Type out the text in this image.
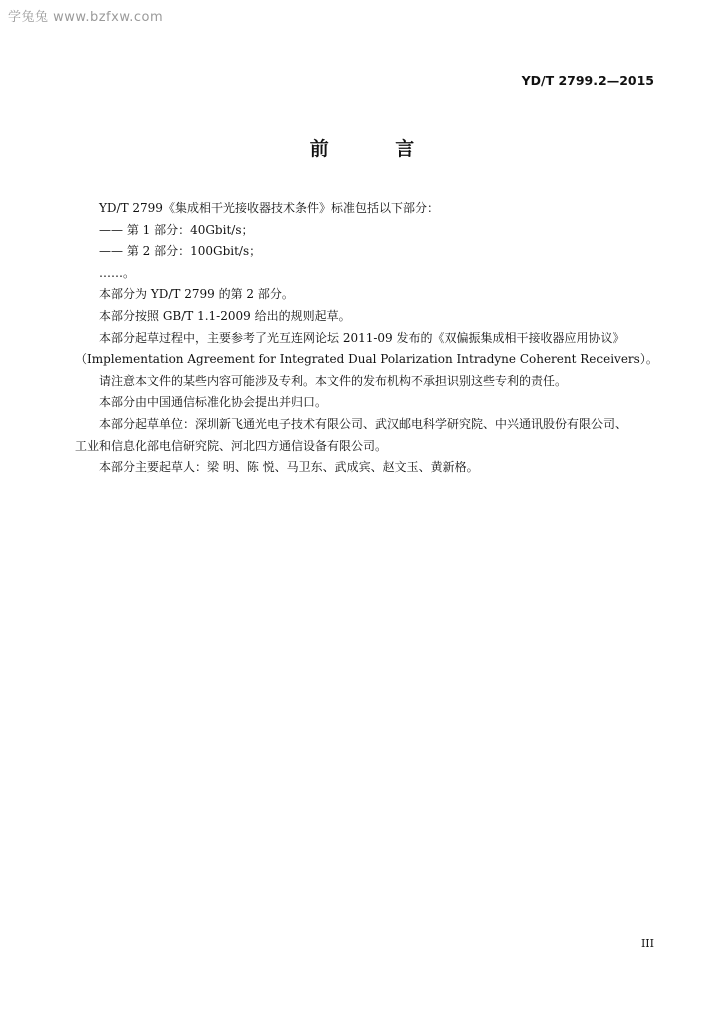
学兔兔 www.bzfxw.com
YD/T 2799.2—2015
前 言

YD/T 2799《集成相干光接收器技术条件》标准包括以下部分：

—— 第 1 部分：40Gbit/s；

—— 第 2 部分：100Gbit/s；

……。

本部分为 YD/T 2799 的第 2 部分。

本部分按照 GB/T 1.1-2009 给出的规则起草。

本部分起草过程中，主要参考了光互连网论坛 2011-09 发布的《双偏振集成相干接收器应用协议》

（Implementation Agreement for Integrated Dual Polarization Intradyne Coherent Receivers）。

请注意本文件的某些内容可能涉及专利。本文件的发布机构不承担识别这些专利的责任。

本部分由中国通信标准化协会提出并归口。

本部分起草单位：深圳新飞通光电子技术有限公司、武汉邮电科学研究院、中兴通讯股份有限公司、

工业和信息化部电信研究院、河北四方通信设备有限公司。

本部分主要起草人：梁 明、陈 悦、马卫东、武成宾、赵文玉、黄新格。

III
